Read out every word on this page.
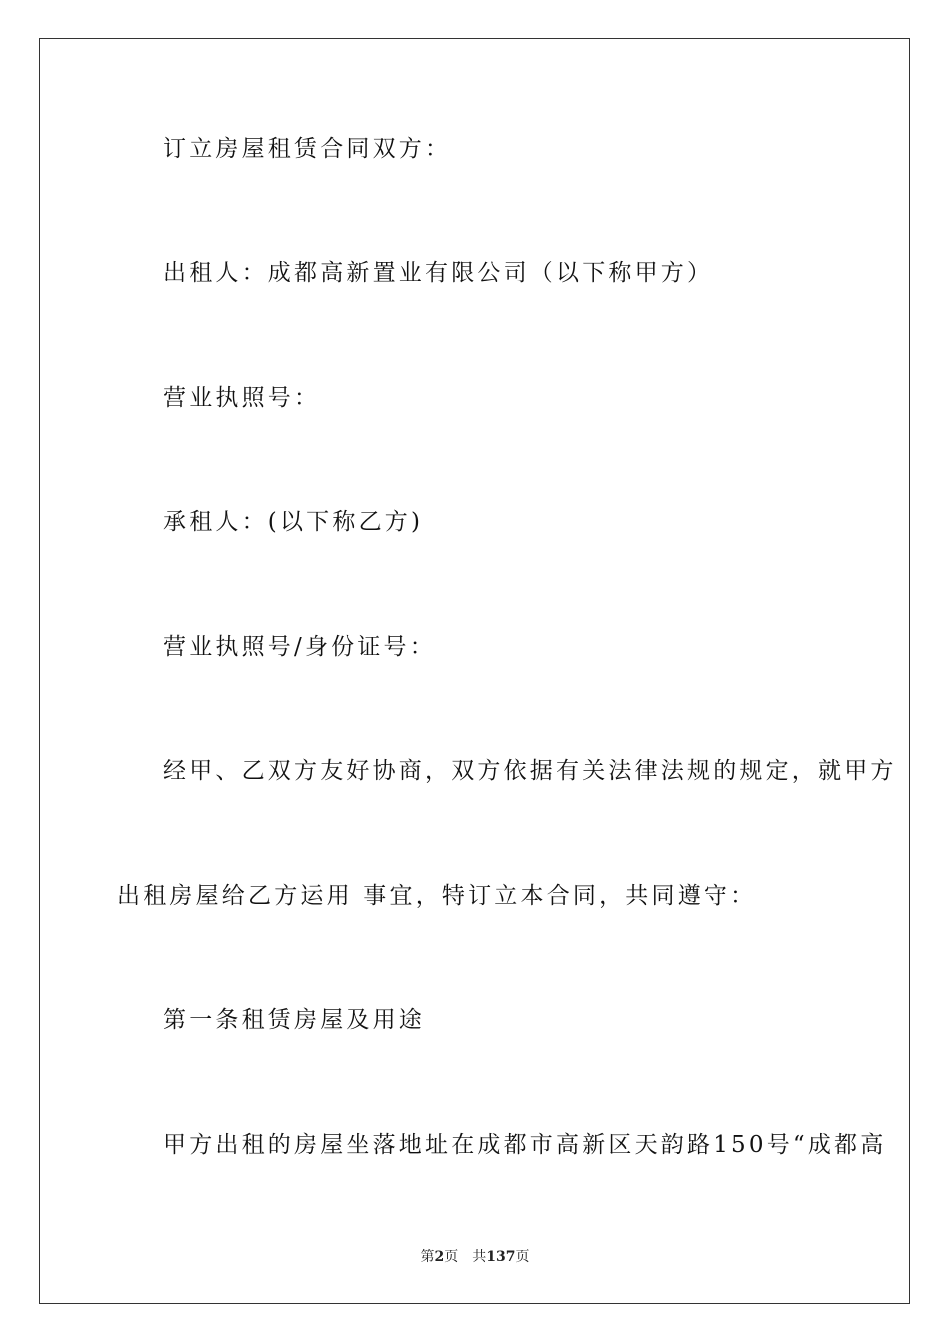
订立房屋租赁合同双方：
出租人：成都高新置业有限公司（以下称甲方）
营业执照号：
承租人：(以下称乙方)
营业执照号/身份证号：
经甲、乙双方友好协商，双方依据有关法律法规的规定，就甲方
出租房屋给乙方运用 事宜，特订立本合同，共同遵守：
第一条租赁房屋及用途
甲方出租的房屋坐落地址在成都市高新区天韵路150号“成都高
第2页 共137页
